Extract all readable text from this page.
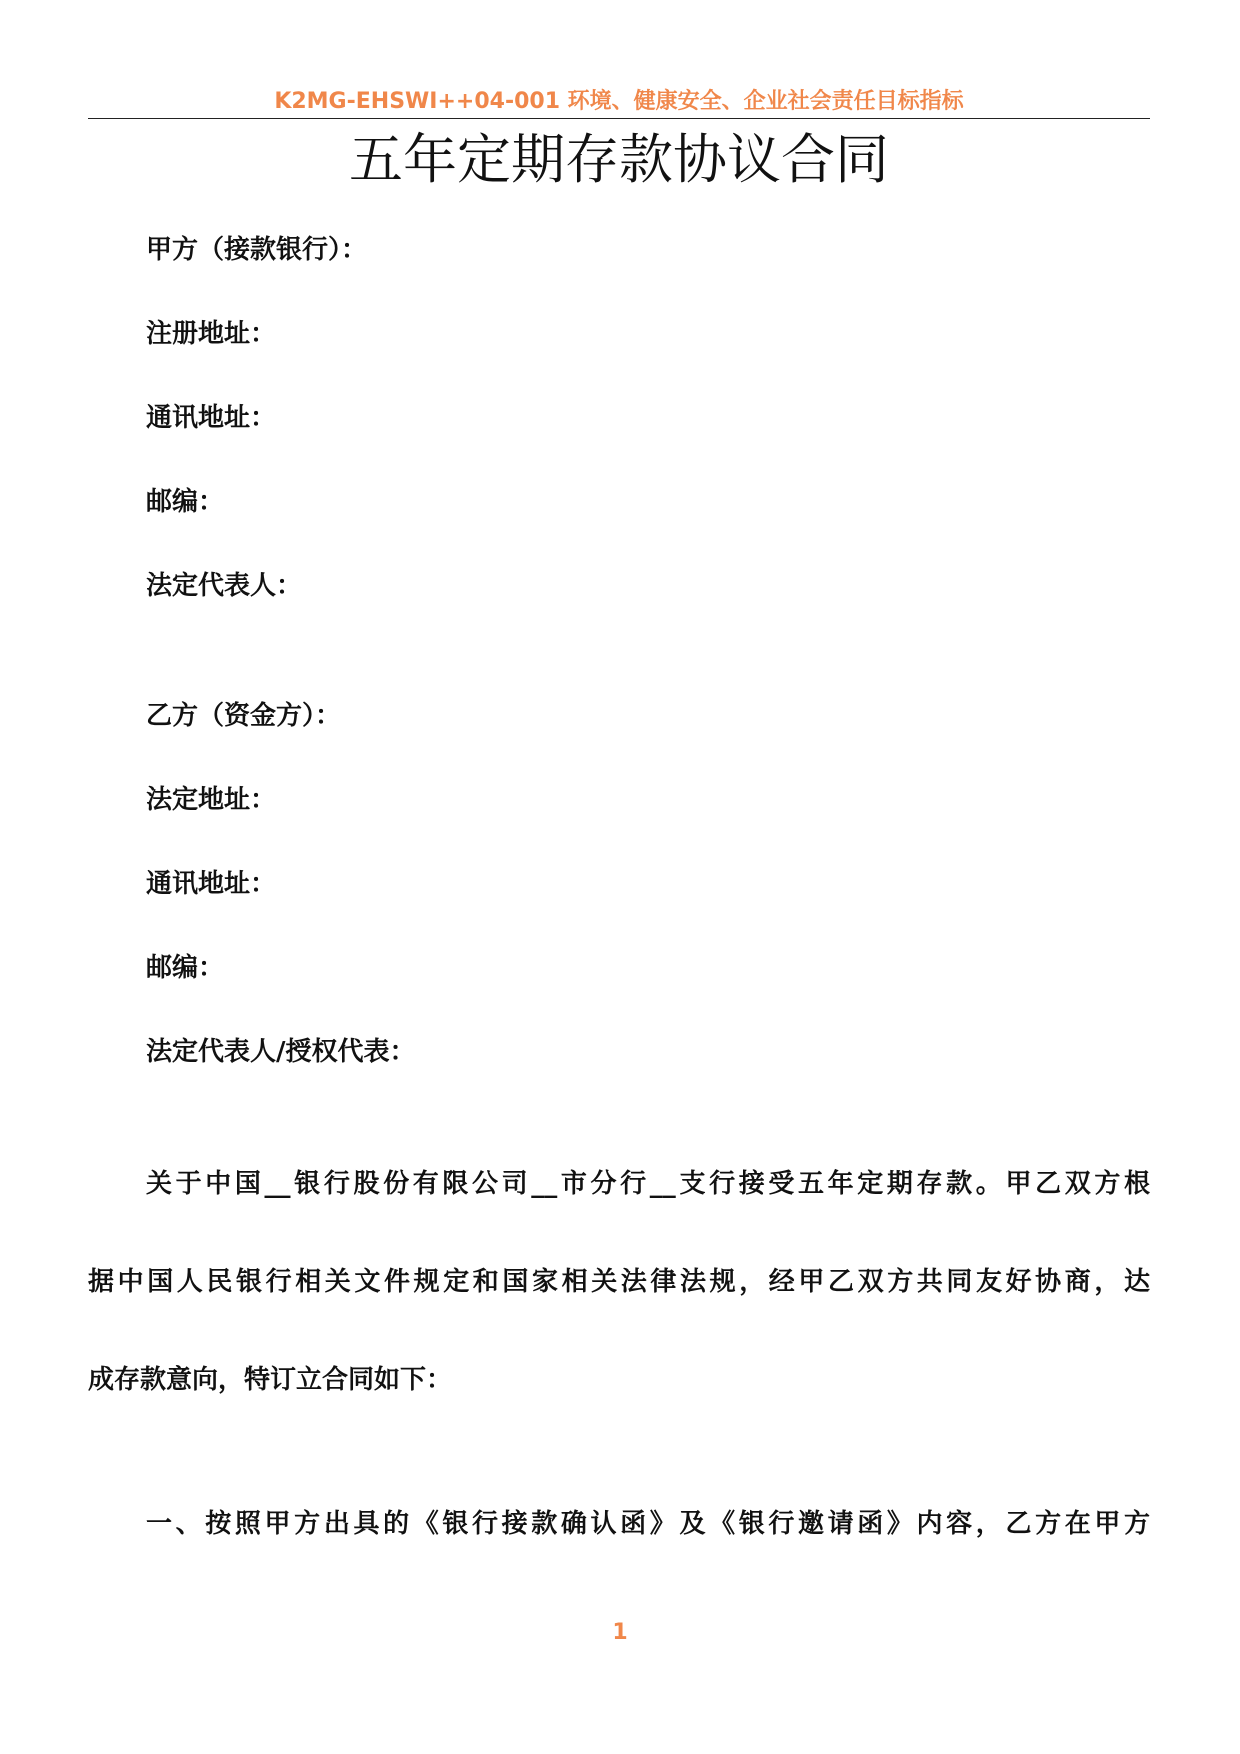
K2MG-EHSWI++04-001 环境、健康安全、企业社会责任目标指标
五年定期存款协议合同
甲方（接款银行）：
注册地址：
通讯地址：
邮编：
法定代表人：
乙方（资金方）：
法定地址：
通讯地址：
邮编：
法定代表人/授权代表：
关于中国__银行股份有限公司__市分行__支行接受五年定期存款。甲乙双方根
据中国人民银行相关文件规定和国家相关法律法规，经甲乙双方共同友好协商，达
成存款意向，特订立合同如下：
一、按照甲方出具的《银行接款确认函》及《银行邀请函》内容，乙方在甲方
1
